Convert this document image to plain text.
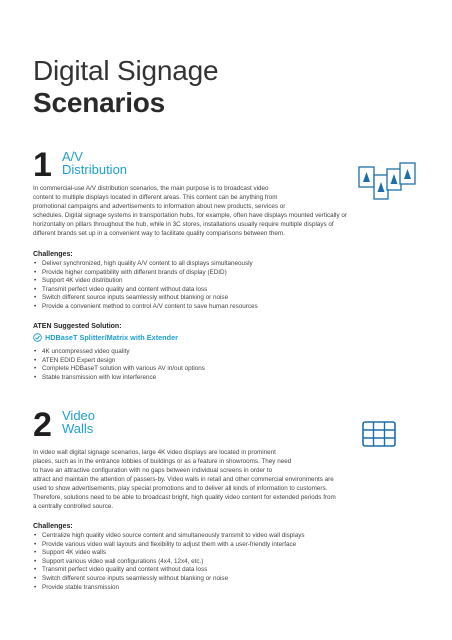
Digital Signage
Scenarios
1 A/V
Distribution
In commercial-use A/V distribution scenarios, the main purpose is to broadcast video
content to multiple displays located in different areas. This content can be anything from
promotional campaigns and advertisements to information about new products, services or
schedules. Digital signage systems in transportation hubs, for example, often have displays mounted vertically or
horizontally on pillars throughout the hub, while in 3C stores, installations usually require multiple displays of
different brands set up in a convenient way to facilitate quality comparisons between them.
Challenges:
• Deliver synchronized, high quality A/V content to all displays simultaneously
• Provide higher compatibility with different brands of display (EDID)
• Support 4K video distribution
• Transmit perfect video quality and content without data loss
• Switch different source inputs seamlessly without blanking or noise
• Provide a convenient method to control A/V content to save human resources
ATEN Suggested Solution:
HDBaseT Splitter/Matrix with Extender
• 4K uncompressed video quality
• ATEN EDID Expert design
• Complete HDBaseT solution with various AV in/out options
• Stable transmission with low interference
2 Video
Walls
In video wall digital signage scenarios, large 4K video displays are located in prominent
places, such as in the entrance lobbies of buildings or as a feature in showrooms. They need
to have an attractive configuration with no gaps between individual screens in order to
attract and maintain the attention of passers-by. Video walls in retail and other commercial environments are
used to show advertisements, play special promotions and to deliver all kinds of information to customers.
Therefore, solutions need to be able to broadcast bright, high quality video content for extended periods from
a centrally controlled source.
Challenges:
• Centralize high quality video source content and simultaneously transmit to video wall displays
• Provide various video wall layouts and flexibility to adjust them with a user-friendly interface
• Support 4K video walls
• Support various video wall configurations (4x4, 12x4, etc.)
• Transmit perfect video quality and content without data loss
• Switch different source inputs seamlessly without blanking or noise
• Provide stable transmission
